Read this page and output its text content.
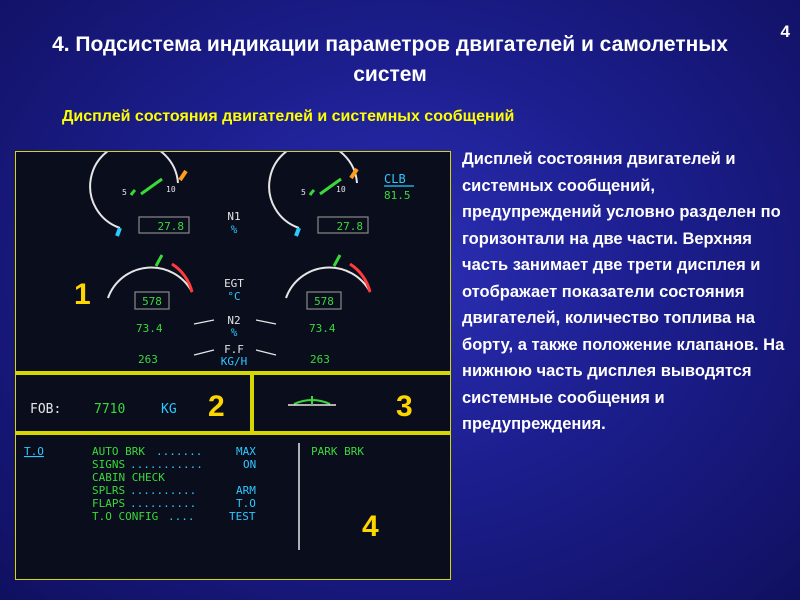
4
4. Подсистема индикации параметров двигателей и самолетных систем
Дисплей состояния двигателей и системных сообщений
Дисплей состояния двигателей и системных сообщений, предупреждений условно разделен по горизонтали на две части. Верхняя часть занимает две трети дисплея и отображает показатели состояния двигателей, количество топлива на борту, а также положение клапанов. На нижнюю часть дисплея выводятся системные сообщения и предупреждения.
5	10
27.8
5	10
27.8
N1
%
CLB
81.5
578	578
EGT
°C
73.4	73.4
N2
%
263	263
F.F
KG/H
1
FOB:	7710	KG 2	3
T.O	AUTO BRK .......	MAX
SIGNS ...........	ON
CABIN CHECK
SPLRS ..........	ARM
FLAPS ..........	T.O
T.O CONFIG ....	TEST
PARK BRK
4
